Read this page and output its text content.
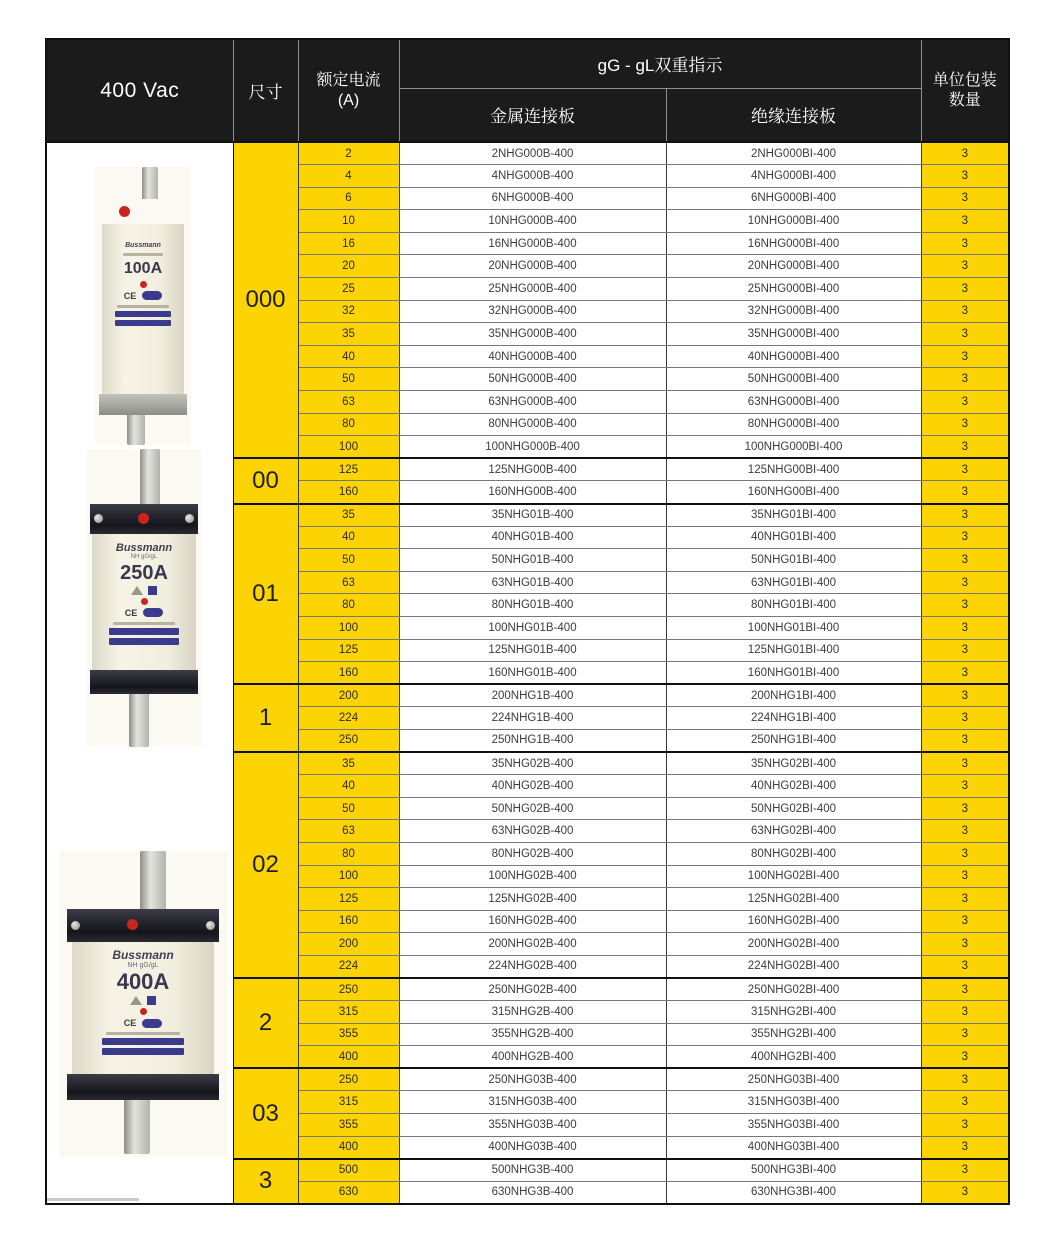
400 Vac	尺寸	
额定电流
(A)
	gG - gL双重指示	
单位包装
数量

			金属连接板	绝缘连接板	

Bussmann
100A
CE
Bussmann
NH gG/gL
250A
CE
Bussmann
NH gG/gL
400A
CE
	000	2	2NHG000B-400	2NHG000BI-400	3
		4	4NHG000B-400	4NHG000BI-400	3
		6	6NHG000B-400	6NHG000BI-400	3
		10	10NHG000B-400	10NHG000BI-400	3
		16	16NHG000B-400	16NHG000BI-400	3
		20	20NHG000B-400	20NHG000BI-400	3
		25	25NHG000B-400	25NHG000BI-400	3
		32	32NHG000B-400	32NHG000BI-400	3
		35	35NHG000B-400	35NHG000BI-400	3
		40	40NHG000B-400	40NHG000BI-400	3
		50	50NHG000B-400	50NHG000BI-400	3
		63	63NHG000B-400	63NHG000BI-400	3
		80	80NHG000B-400	80NHG000BI-400	3
		100	100NHG000B-400	100NHG000BI-400	3
	00	125	125NHG00B-400	125NHG00BI-400	3
		160	160NHG00B-400	160NHG00BI-400	3
	01	35	35NHG01B-400	35NHG01BI-400	3
		40	40NHG01B-400	40NHG01BI-400	3
		50	50NHG01B-400	50NHG01BI-400	3
		63	63NHG01B-400	63NHG01BI-400	3
		80	80NHG01B-400	80NHG01BI-400	3
		100	100NHG01B-400	100NHG01BI-400	3
		125	125NHG01B-400	125NHG01BI-400	3
		160	160NHG01B-400	160NHG01BI-400	3
	1	200	200NHG1B-400	200NHG1BI-400	3
		224	224NHG1B-400	224NHG1BI-400	3
		250	250NHG1B-400	250NHG1BI-400	3
	02	35	35NHG02B-400	35NHG02BI-400	3
		40	40NHG02B-400	40NHG02BI-400	3
		50	50NHG02B-400	50NHG02BI-400	3
		63	63NHG02B-400	63NHG02BI-400	3
		80	80NHG02B-400	80NHG02BI-400	3
		100	100NHG02B-400	100NHG02BI-400	3
		125	125NHG02B-400	125NHG02BI-400	3
		160	160NHG02B-400	160NHG02BI-400	3
		200	200NHG02B-400	200NHG02BI-400	3
		224	224NHG02B-400	224NHG02BI-400	3
	2	250	250NHG02B-400	250NHG02BI-400	3
		315	315NHG2B-400	315NHG2BI-400	3
		355	355NHG2B-400	355NHG2BI-400	3
		400	400NHG2B-400	400NHG2BI-400	3
	03	250	250NHG03B-400	250NHG03BI-400	3
		315	315NHG03B-400	315NHG03BI-400	3
		355	355NHG03B-400	355NHG03BI-400	3
		400	400NHG03B-400	400NHG03BI-400	3
	3	500	500NHG3B-400	500NHG3BI-400	3
		630	630NHG3B-400	630NHG3BI-400	3
